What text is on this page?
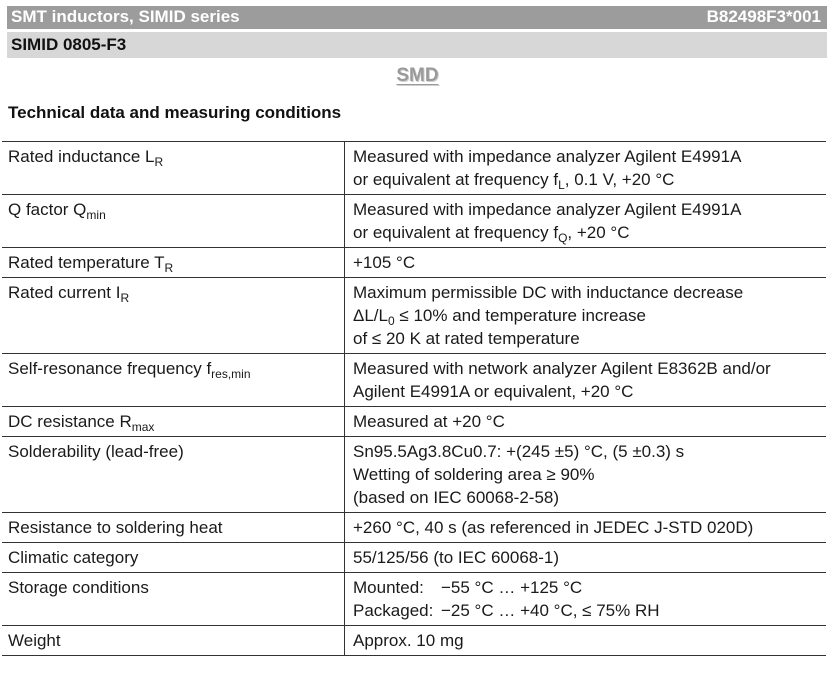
SMT inductors, SIMID series	B82498F3*001
SIMID 0805-F3
SMD
Technical data and measuring conditions
Rated inductance $L_R$	Measured with impedance analyzer Agilent E4991A
or equivalent at frequency $f_L$, 0.1 V, +20 °C

Q factor $Q_{min}$	Measured with impedance analyzer Agilent E4991A
or equivalent at frequency $f_Q$, +20 °C

Rated temperature $T_R$	+105 °C

Rated current $I_R$	Maximum permissible DC with inductance decrease
$\Delta L/L_0 \le 10\%$ and temperature increase
of ≤ 20 K at rated temperature

Self-resonance frequency $f_{res,min}$	Measured with network analyzer Agilent E8362B and/or
Agilent E4991A or equivalent, +20 °C

DC resistance $R_{max}$	Measured at +20 °C

Solderability (lead-free)	Sn95.5Ag3.8Cu0.7: +(245 ±5) °C, (5 ±0.3) s
Wetting of soldering area ≥ 90%
(based on IEC 60068-2-58)

Resistance to soldering heat	+260 °C, 40 s (as referenced in JEDEC J-STD 020D)

Climatic category	55/125/56 (to IEC 60068-1)

Storage conditions	Mounted: −55 °C … +125 °C
Packaged: −25 °C … +40 °C, ≤ 75% RH

Weight	Approx. 10 mg
